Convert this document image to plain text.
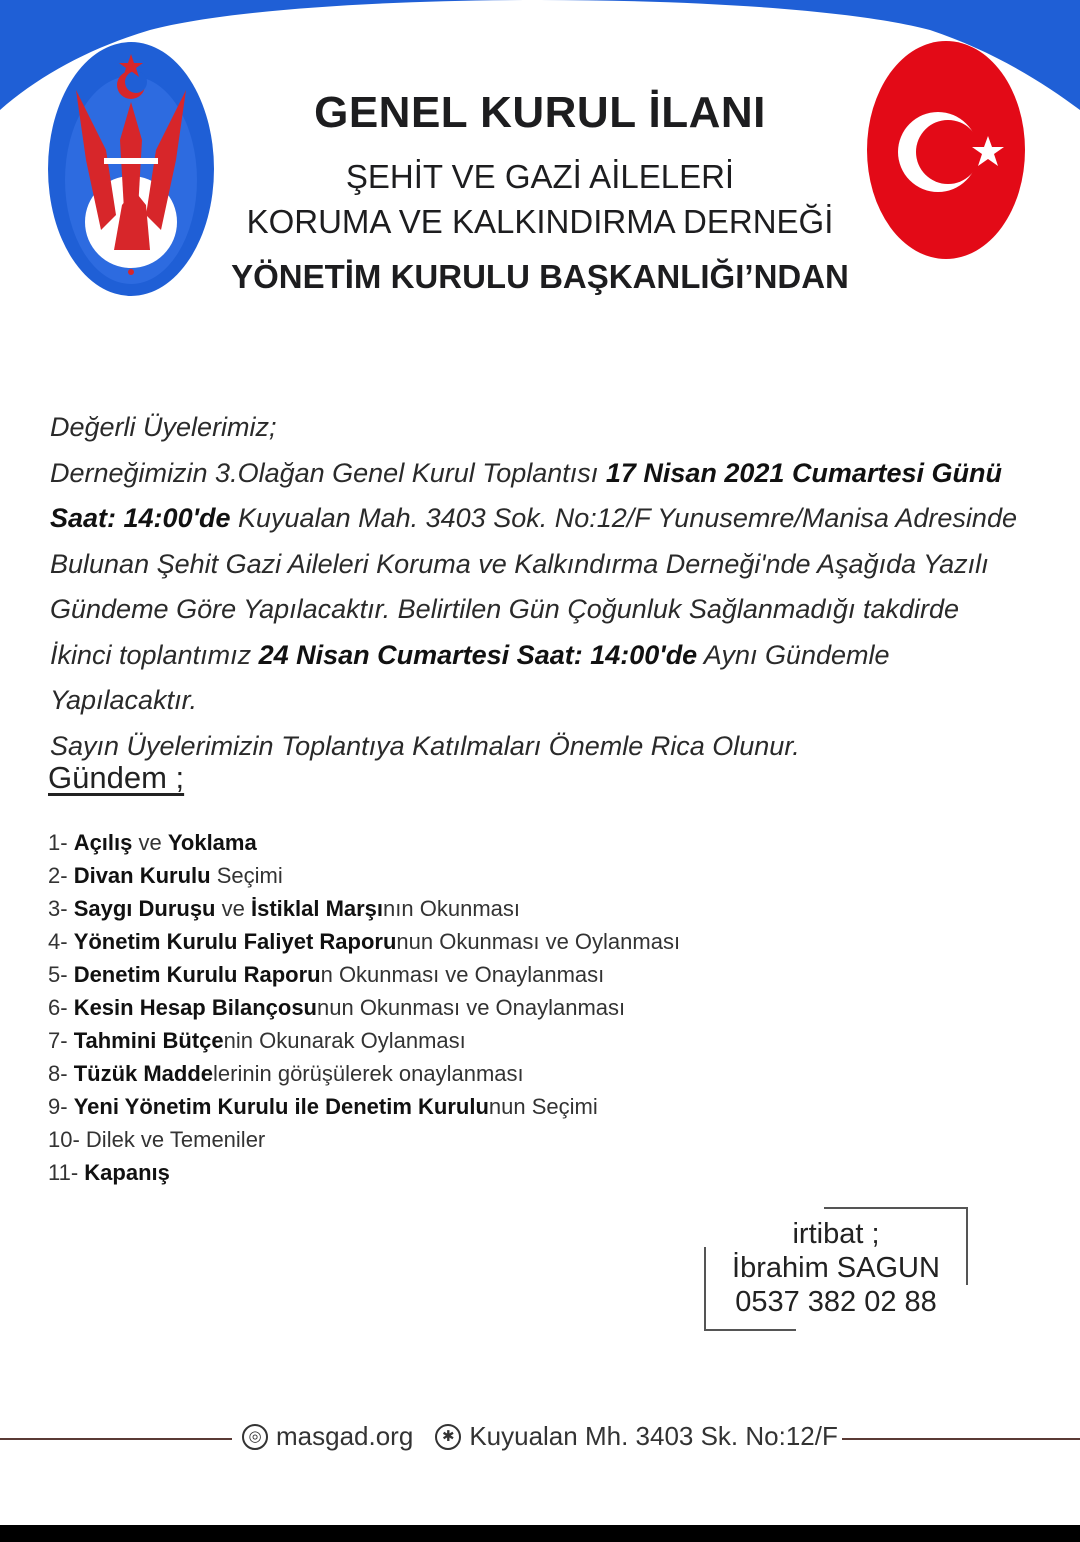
GENEL KURUL İLANI
ŞEHİT VE GAZİ AİLELERİ
KORUMA VE KALKINDIRMA DERNEĞİ
YÖNETİM KURULU BAŞKANLIĞI’NDAN

Değerli Üyelerimiz;

Derneğimizin 3.Olağan Genel Kurul Toplantısı 17 Nisan 2021 Cumartesi Günü

Saat: 14:00'de Kuyualan Mah. 3403 Sok. No:12/F Yunusemre/Manisa Adresinde

Bulunan Şehit Gazi Aileleri Koruma ve Kalkındırma Derneği'nde Aşağıda Yazılı

Gündeme Göre Yapılacaktır. Belirtilen Gün Çoğunluk Sağlanmadığı takdirde

İkinci toplantımız 24 Nisan Cumartesi Saat: 14:00'de Aynı Gündemle Yapılacaktır.

Sayın Üyelerimizin Toplantıya Katılmaları Önemle Rica Olunur.

Gündem ;
1- Açılış ve Yoklama
2- Divan Kurulu Seçimi
3- Saygı Duruşu ve İstiklal Marşının Okunması
4- Yönetim Kurulu Faliyet Raporunun Okunması ve Oylanması
5- Denetim Kurulu Raporun Okunması ve Onaylanması
6- Kesin Hesap Bilançosunun Okunması ve Onaylanması
7- Tahmini Bütçenin Okunarak Oylanması
8- Tüzük Maddelerinin görüşülerek onaylanması
9- Yeni Yönetim Kurulu ile Denetim Kurulunun Seçimi
10- Dilek ve Temeniler
11- Kapanış
irtibat ;
İbrahim SAGUN
0537 382 02 88
◎ masgad.org	✱ Kuyualan Mh. 3403 Sk. No:12/F
